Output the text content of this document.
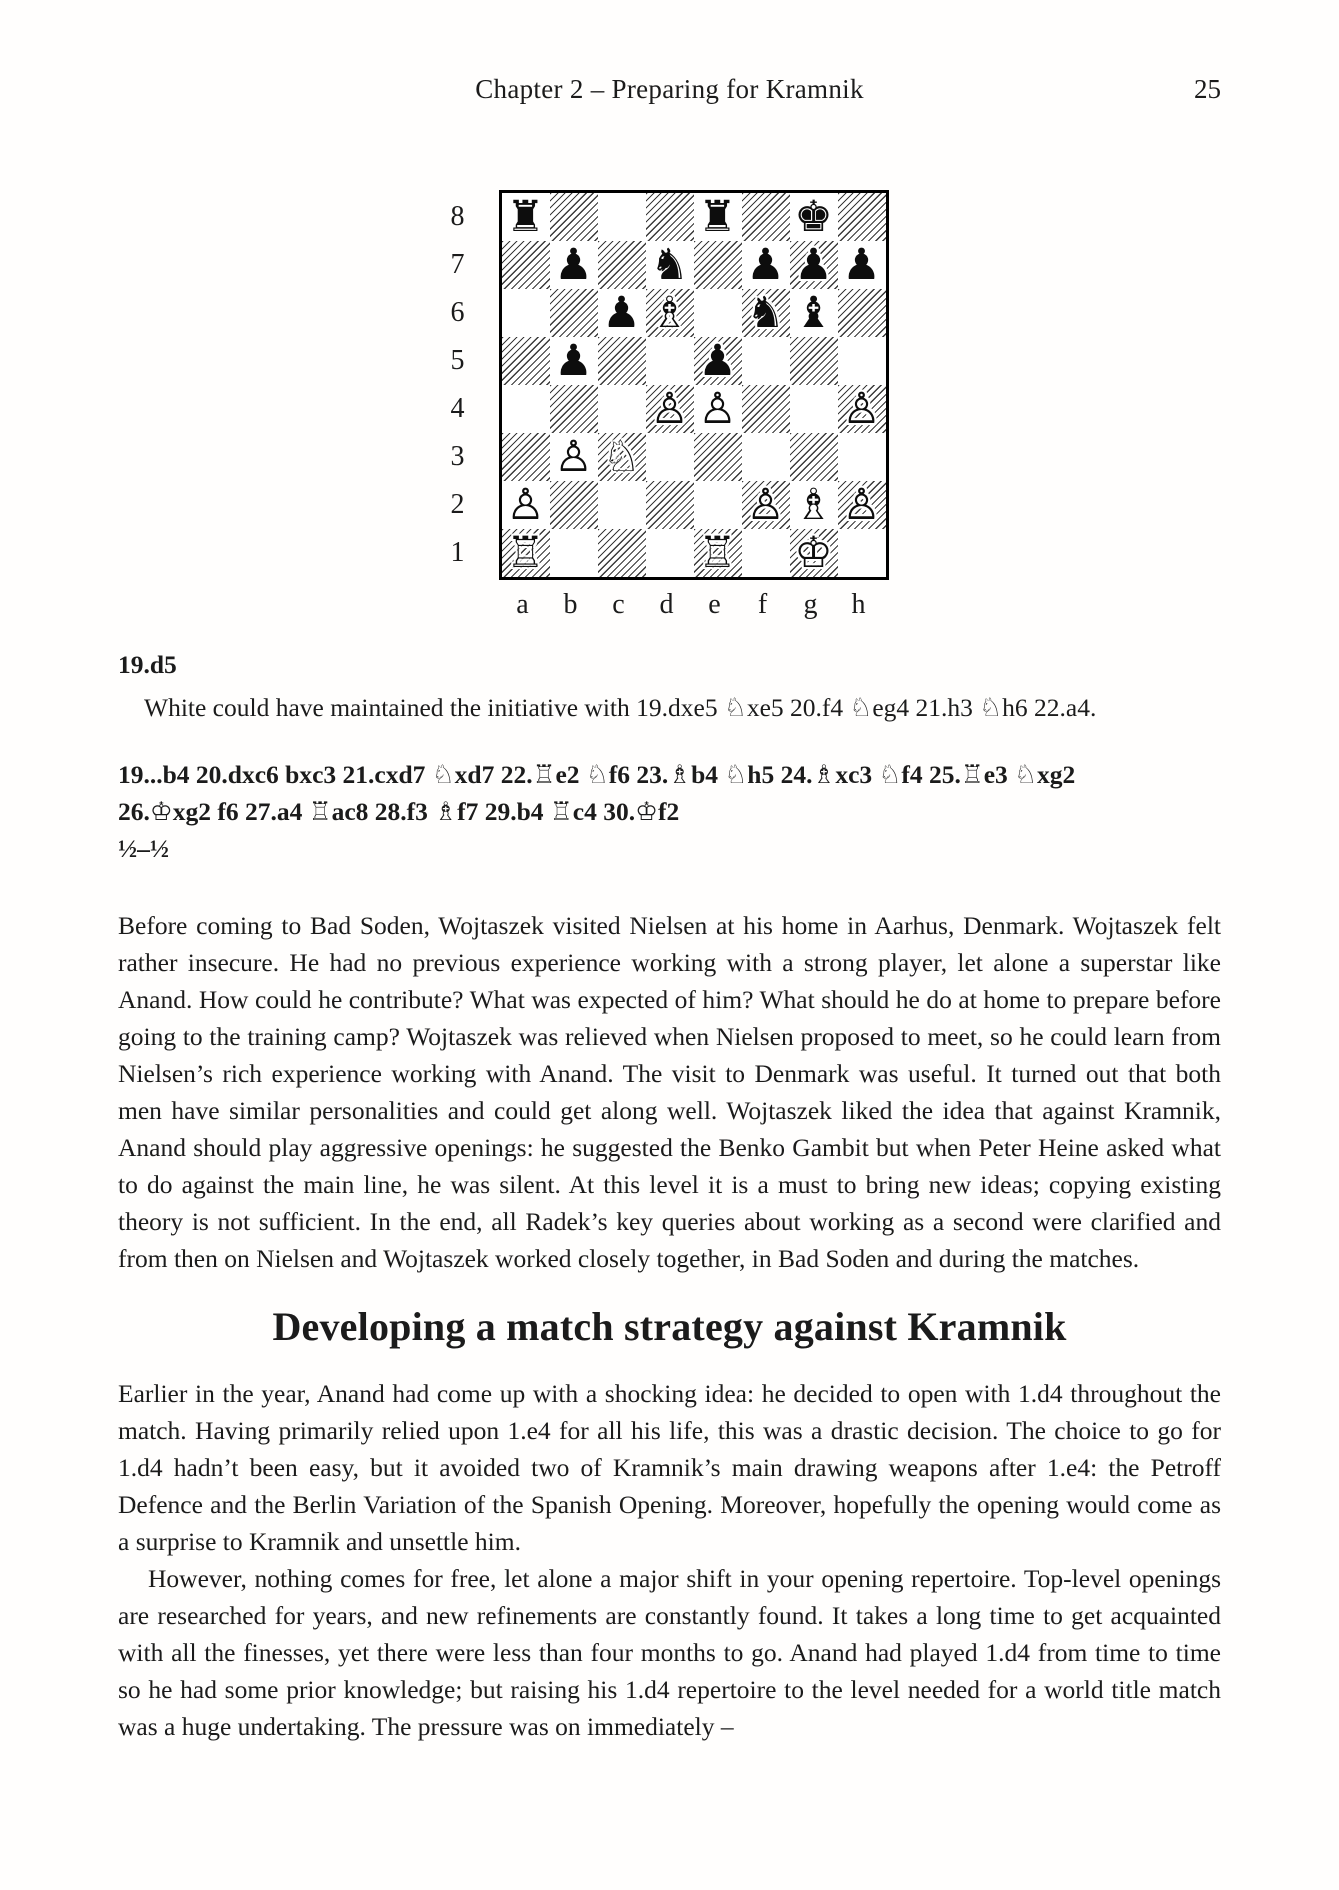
Chapter 2 – Preparing for Kramnik	25
8
7
6
5
4
3
2
1
♜	♜ ♚
♟ ♞ ♟ ♟ ♟
♟ ♗ ♞ ♝
♟ ♟
♙ ♙ ♙
♙ ♘
♙	♙ ♗ ♙
♖	♖ ♔
a	b	c	d	e	f	g	h
19.d5
White could have maintained the initiative with 19.dxe5 ♘xe5 20.f4 ♘eg4 21.h3 ♘h6 22.a4.
19...b4 20.dxc6 bxc3 21.cxd7 ♘xd7 22.♖e2 ♘f6 23.♗b4 ♘h5 24.♗xc3 ♘f4 25.♖e3 ♘xg2
26.♔xg2 f6 27.a4 ♖ac8 28.f3 ♗f7 29.b4 ♖c4 30.♔f2
½–½

Before coming to Bad Soden, Wojtaszek visited Nielsen at his home in Aarhus, Denmark. Wojtaszek felt rather insecure. He had no previous experience working with a strong player, let alone a superstar like Anand. How could he contribute? What was expected of him? What should he do at home to prepare before going to the training camp? Wojtaszek was relieved when Nielsen proposed to meet, so he could learn from Nielsen’s rich experience working with Anand. The visit to Denmark was useful. It turned out that both men have similar personalities and could get along well. Wojtaszek liked the idea that against Kramnik, Anand should play aggressive openings: he suggested the Benko Gambit but when Peter Heine asked what to do against the main line, he was silent. At this level it is a must to bring new ideas; copying existing theory is not sufficient. In the end, all Radek’s key queries about working as a second were clarified and from then on Nielsen and Wojtaszek worked closely together, in Bad Soden and during the matches.

Developing a match strategy against Kramnik

Earlier in the year, Anand had come up with a shocking idea: he decided to open with 1.d4 throughout the match. Having primarily relied upon 1.e4 for all his life, this was a drastic decision. The choice to go for 1.d4 hadn’t been easy, but it avoided two of Kramnik’s main drawing weapons after 1.e4: the Petroff Defence and the Berlin Variation of the Spanish Opening. Moreover, hopefully the opening would come as a surprise to Kramnik and unsettle him.

However, nothing comes for free, let alone a major shift in your opening repertoire. Top-level openings are researched for years, and new refinements are constantly found. It takes a long time to get acquainted with all the finesses, yet there were less than four months to go. Anand had played 1.d4 from time to time so he had some prior knowledge; but raising his 1.d4 repertoire to the level needed for a world title match was a huge undertaking. The pressure was on immediately –
